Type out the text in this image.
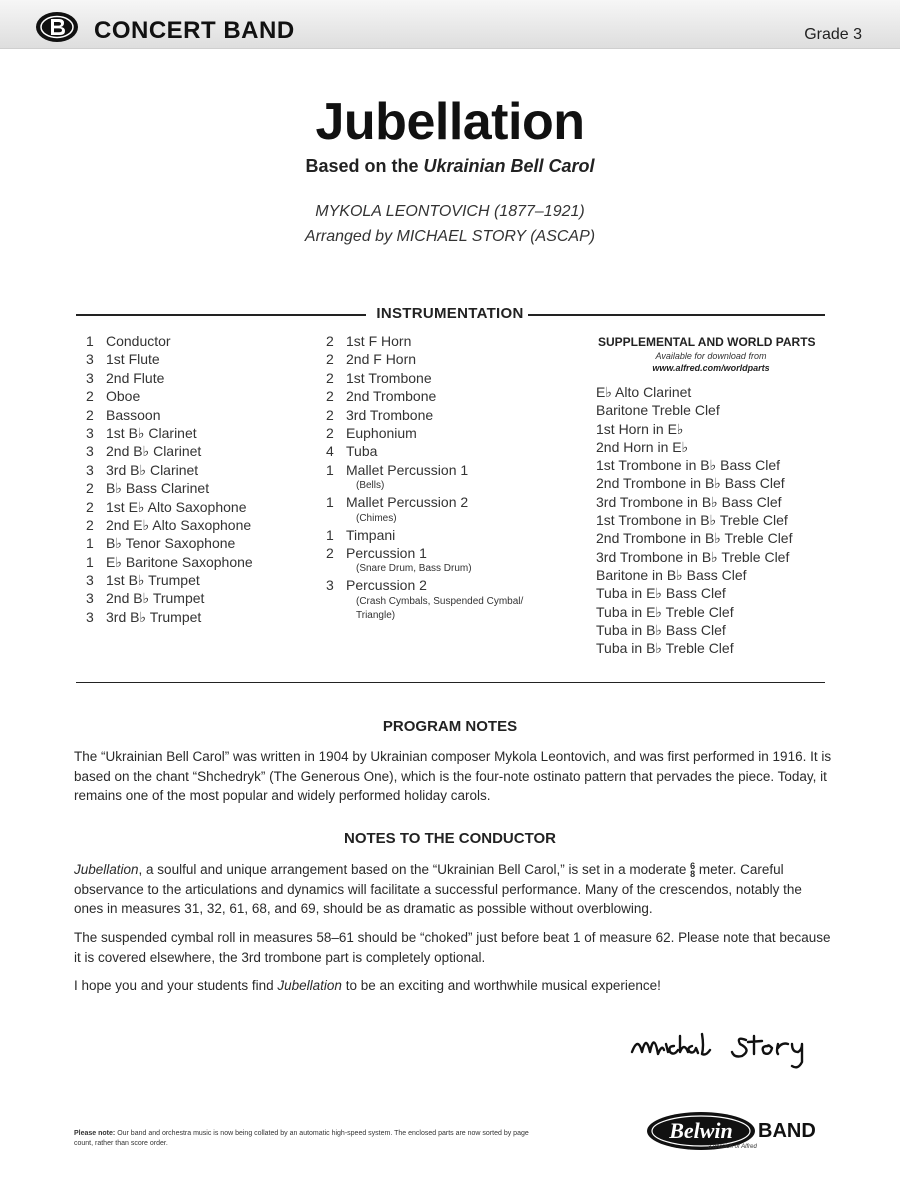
CONCERT BAND	Grade 3
Jubellation
Based on the Ukrainian Bell Carol
MYKOLA LEONTOVICH (1877–1921)
Arranged by MICHAEL STORY (ASCAP)
INSTRUMENTATION
1 Conductor
3 1st Flute
3 2nd Flute
2 Oboe
2 Bassoon
3 1st B♭ Clarinet
3 2nd B♭ Clarinet
3 3rd B♭ Clarinet
2 B♭ Bass Clarinet
2 1st E♭ Alto Saxophone
2 2nd E♭ Alto Saxophone
1 B♭ Tenor Saxophone
1 E♭ Baritone Saxophone
3 1st B♭ Trumpet
3 2nd B♭ Trumpet
3 3rd B♭ Trumpet
2 1st F Horn
2 2nd F Horn
2 1st Trombone
2 2nd Trombone
2 3rd Trombone
2 Euphonium
4 Tuba
1 Mallet Percussion 1
(Bells)
1 Mallet Percussion 2
(Chimes)
1 Timpani
2 Percussion 1
(Snare Drum, Bass Drum)
3 Percussion 2
(Crash Cymbals, Suspended Cymbal/
Triangle)
SUPPLEMENTAL AND WORLD PARTS
Available for download from
www.alfred.com/worldparts
E♭ Alto Clarinet
Baritone Treble Clef
1st Horn in E♭
2nd Horn in E♭
1st Trombone in B♭ Bass Clef
2nd Trombone in B♭ Bass Clef
3rd Trombone in B♭ Bass Clef
1st Trombone in B♭ Treble Clef
2nd Trombone in B♭ Treble Clef
3rd Trombone in B♭ Treble Clef
Baritone in B♭ Bass Clef
Tuba in E♭ Bass Clef
Tuba in E♭ Treble Clef
Tuba in B♭ Bass Clef
Tuba in B♭ Treble Clef
PROGRAM NOTES
The “Ukrainian Bell Carol” was written in 1904 by Ukrainian composer Mykola Leontovich, and was first performed in 1916. It is based on the chant “Shchedryk” (The Generous One), which is the four-note ostinato pattern that pervades the piece. Today, it remains one of the most popular and widely performed holiday carols.
NOTES TO THE CONDUCTOR
Jubellation, a soulful and unique arrangement based on the “Ukrainian Bell Carol,” is set in a moderate 6
8 meter. Careful observance to the articulations and dynamics will facilitate a successful performance. Many of the crescendos, notably the ones in measures 31, 32, 61, 68, and 69, should be as dramatic as possible without overblowing.
The suspended cymbal roll in measures 58–61 should be “choked” just before beat 1 of measure 62. Please note that because it is covered elsewhere, the 3rd trombone part is completely optional.
I hope you and your students find Jubellation to be an exciting and worthwhile musical experience!
Please note: Our band and orchestra music is now being collated by an automatic high-speed system. The enclosed parts are now sorted by page count, rather than score order.
Belwin BAND
a division of Alfred
